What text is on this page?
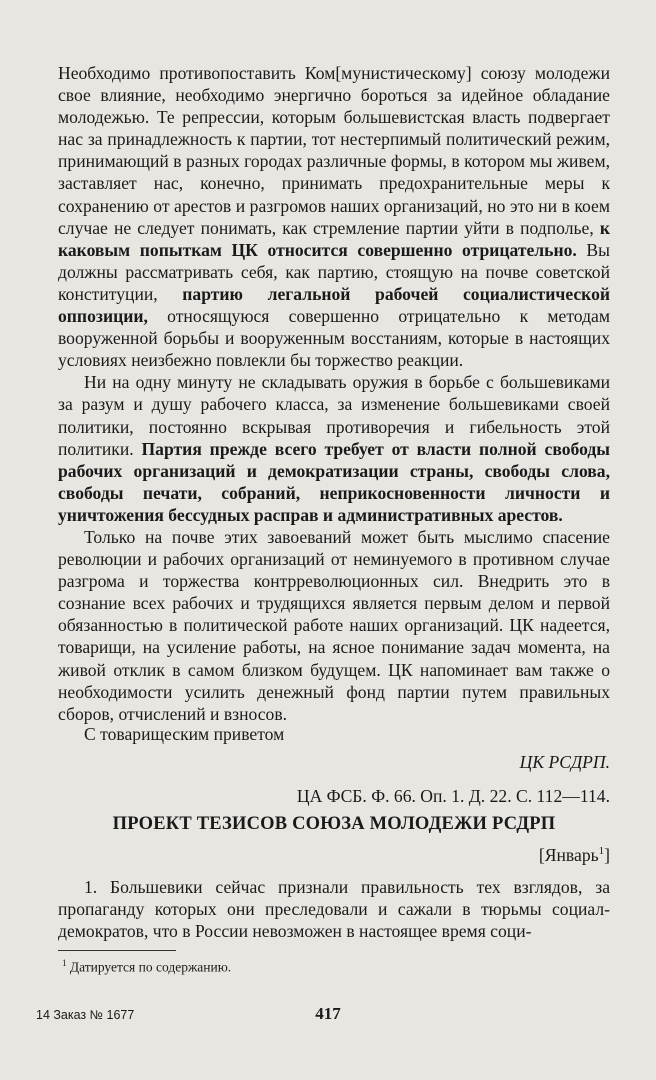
Необходимо противопоставить Ком[мунистическому] союзу молодежи свое влияние, необходимо энергично бороться за идейное обладание молодежью. Те репрессии, которым большевистская власть подвергает нас за принадлежность к партии, тот нестерпимый политический режим, принимающий в разных городах различные формы, в котором мы живем, заставляет нас, конечно, принимать предохранительные меры к сохранению от арестов и разгромов наших организаций, но это ни в коем случае не следует понимать, как стремление партии уйти в подполье, к каковым попыткам ЦК относится совершенно отрицательно. Вы должны рассматривать себя, как партию, стоящую на почве советской конституции, партию легальной рабочей социалистической оппозиции, относящуюся совершенно отрицательно к методам вооруженной борьбы и вооруженным восстаниям, которые в настоящих условиях неизбежно повлекли бы торжество реакции.

Ни на одну минуту не складывать оружия в борьбе с большевиками за разум и душу рабочего класса, за изменение большевиками своей политики, постоянно вскрывая противоречия и гибельность этой политики. Партия прежде всего требует от власти полной свободы рабочих организаций и демократизации страны, свободы слова, свободы печати, собраний, неприкосновенности личности и уничтожения бессудных расправ и административных арестов.

Только на почве этих завоеваний может быть мыслимо спасение революции и рабочих организаций от неминуемого в противном случае разгрома и торжества контрреволюционных сил. Внедрить это в сознание всех рабочих и трудящихся является первым делом и первой обязанностью в политической работе наших организаций. ЦК надеется, товарищи, на усиление работы, на ясное понимание задач момента, на живой отклик в самом близком будущем. ЦК напоминает вам также о необходимости усилить денежный фонд партии путем правильных сборов, отчислений и взносов.

С товарищеским приветом
ЦК РСДРП.
ЦА ФСБ. Ф. 66. Оп. 1. Д. 22. С. 112—114.
ПРОЕКТ ТЕЗИСОВ СОЮЗА МОЛОДЕЖИ РСДРП
[Январь$^1$]

1. Большевики сейчас признали правильность тех взглядов, за пропаганду которых они преследовали и сажали в тюрьмы социал-демократов, что в России невозможен в настоящее время соци-

$^1$ Датируется по содержанию.
14 Заказ № 1677	417
